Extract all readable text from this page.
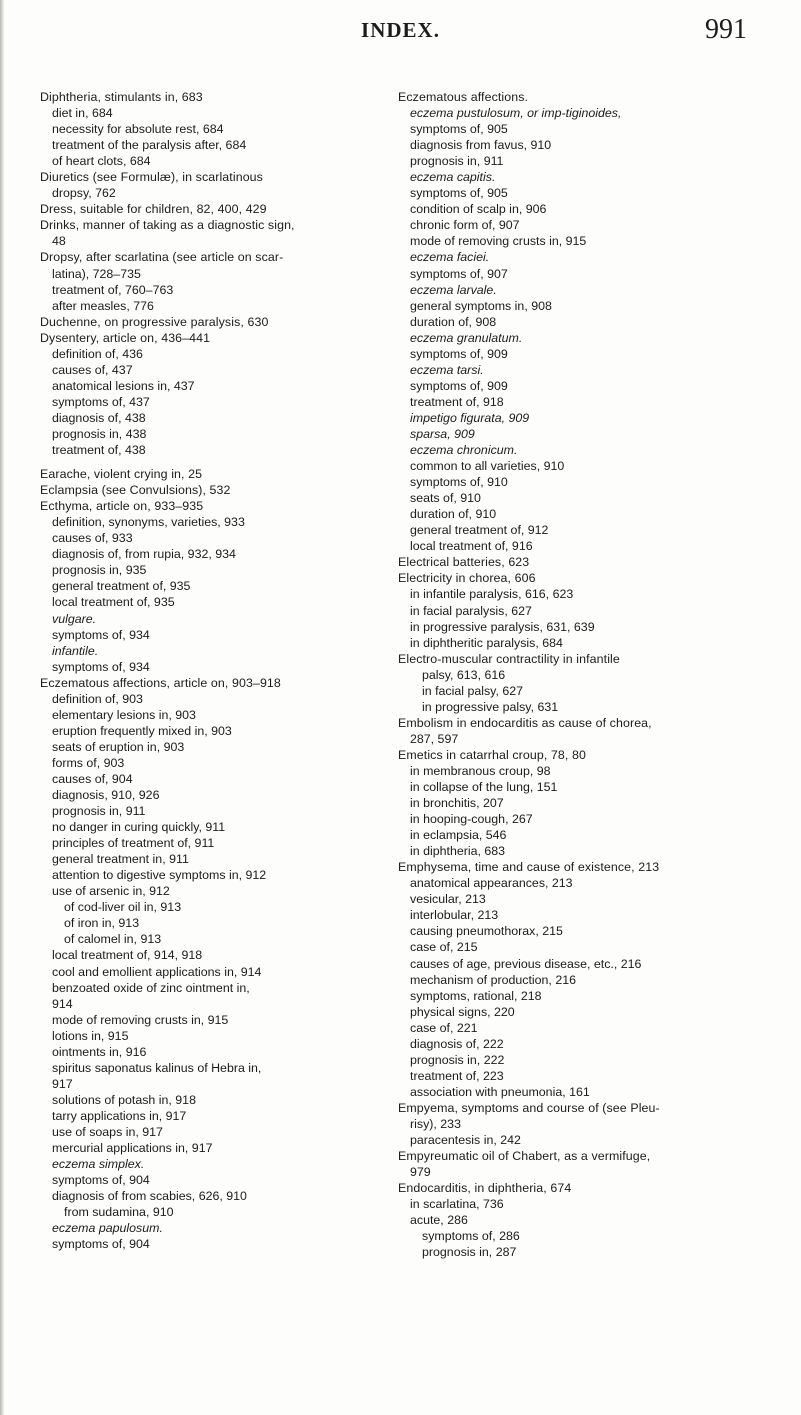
INDEX.	991
Diphtheria, stimulants in, 683
diet in, 684
necessity for absolute rest, 684
treatment of the paralysis after, 684
of heart clots, 684
Diuretics (see Formulæ), in scarlatinous
dropsy, 762
Dress, suitable for children, 82, 400, 429
Drinks, manner of taking as a diagnostic sign,
48
Dropsy, after scarlatina (see article on scar-
latina), 728–735
treatment of, 760–763
after measles, 776
Duchenne, on progressive paralysis, 630
Dysentery, article on, 436–441
definition of, 436
causes of, 437
anatomical lesions in, 437
symptoms of, 437
diagnosis of, 438
prognosis in, 438
treatment of, 438
Earache, violent crying in, 25
Eclampsia (see Convulsions), 532
Ecthyma, article on, 933–935
definition, synonyms, varieties, 933
causes of, 933
diagnosis of, from rupia, 932, 934
prognosis in, 935
general treatment of, 935
local treatment of, 935
vulgare.
symptoms of, 934
infantile.
symptoms of, 934
Eczematous affections, article on, 903–918
definition of, 903
elementary lesions in, 903
eruption frequently mixed in, 903
seats of eruption in, 903
forms of, 903
causes of, 904
diagnosis, 910, 926
prognosis in, 911
no danger in curing quickly, 911
principles of treatment of, 911
general treatment in, 911
attention to digestive symptoms in, 912
use of arsenic in, 912
of cod-liver oil in, 913
of iron in, 913
of calomel in, 913
local treatment of, 914, 918
cool and emollient applications in, 914
benzoated oxide of zinc ointment in,
914
mode of removing crusts in, 915
lotions in, 915
ointments in, 916
spiritus saponatus kalinus of Hebra in,
917
solutions of potash in, 918
tarry applications in, 917
use of soaps in, 917
mercurial applications in, 917
eczema simplex.
symptoms of, 904
diagnosis of from scabies, 626, 910
from sudamina, 910
eczema papulosum.
symptoms of, 904
Eczematous affections.
eczema pustulosum, or imp-tiginoides,
symptoms of, 905
diagnosis from favus, 910
prognosis in, 911
eczema capitis.
symptoms of, 905
condition of scalp in, 906
chronic form of, 907
mode of removing crusts in, 915
eczema faciei.
symptoms of, 907
eczema larvale.
general symptoms in, 908
duration of, 908
eczema granulatum.
symptoms of, 909
eczema tarsi.
symptoms of, 909
treatment of, 918
impetigo figurata, 909
sparsa, 909
eczema chronicum.
common to all varieties, 910
symptoms of, 910
seats of, 910
duration of, 910
general treatment of, 912
local treatment of, 916
Electrical batteries, 623
Electricity in chorea, 606
in infantile paralysis, 616, 623
in facial paralysis, 627
in progressive paralysis, 631, 639
in diphtheritic paralysis, 684
Electro-muscular contractility in infantile
palsy, 613, 616
in facial palsy, 627
in progressive palsy, 631
Embolism in endocarditis as cause of chorea,
287, 597
Emetics in catarrhal croup, 78, 80
in membranous croup, 98
in collapse of the lung, 151
in bronchitis, 207
in hooping-cough, 267
in eclampsia, 546
in diphtheria, 683
Emphysema, time and cause of existence, 213
anatomical appearances, 213
vesicular, 213
interlobular, 213
causing pneumothorax, 215
case of, 215
causes of age, previous disease, etc., 216
mechanism of production, 216
symptoms, rational, 218
physical signs, 220
case of, 221
diagnosis of, 222
prognosis in, 222
treatment of, 223
association with pneumonia, 161
Empyema, symptoms and course of (see Pleu-
risy), 233
paracentesis in, 242
Empyreumatic oil of Chabert, as a vermifuge,
979
Endocarditis, in diphtheria, 674
in scarlatina, 736
acute, 286
symptoms of, 286
prognosis in, 287
